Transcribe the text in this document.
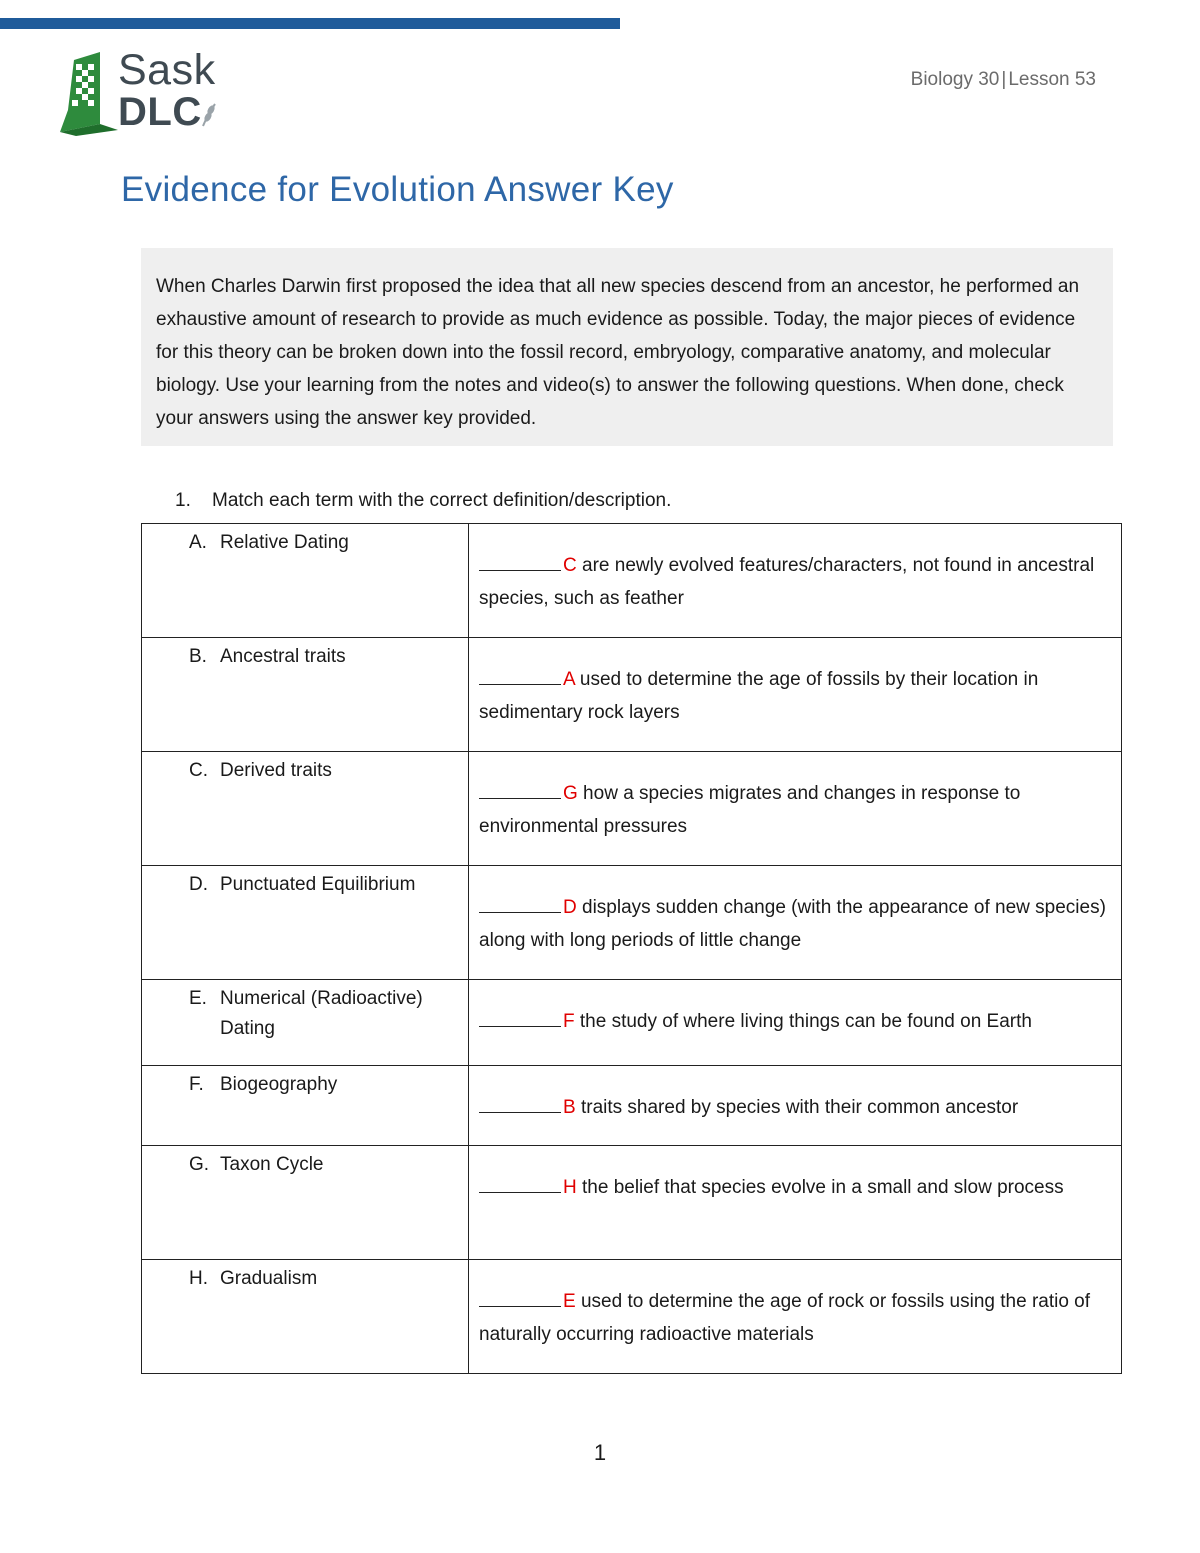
Sask
DLC
Biology 30 | Lesson 53
Evidence for Evolution Answer Key
When Charles Darwin first proposed the idea that all new species descend from an ancestor, he performed an exhaustive amount of research to provide as much evidence as possible. Today, the major pieces of evidence for this theory can be broken down into the fossil record, embryology, comparative anatomy, and molecular biology. Use your learning from the notes and video(s) to answer the following questions. When done, check your answers using the answer key provided.
1. Match each term with the correct definition/description.
A. Relative Dating	C are newly evolved features/characters, not found in ancestral species, such as feather

B. Ancestral traits	A used to determine the age of fossils by their location in sedimentary rock layers

C. Derived traits	G how a species migrates and changes in response to environmental pressures

D. Punctuated Equilibrium	D displays sudden change (with the appearance of new species) along with long periods of little change

E. Numerical (Radioactive) Dating	F the study of where living things can be found on Earth

F. Biogeography	B traits shared by species with their common ancestor

G. Taxon Cycle	H the belief that species evolve in a small and slow process

H. Gradualism	E used to determine the age of rock or fossils using the ratio of naturally occurring radioactive materials
1
